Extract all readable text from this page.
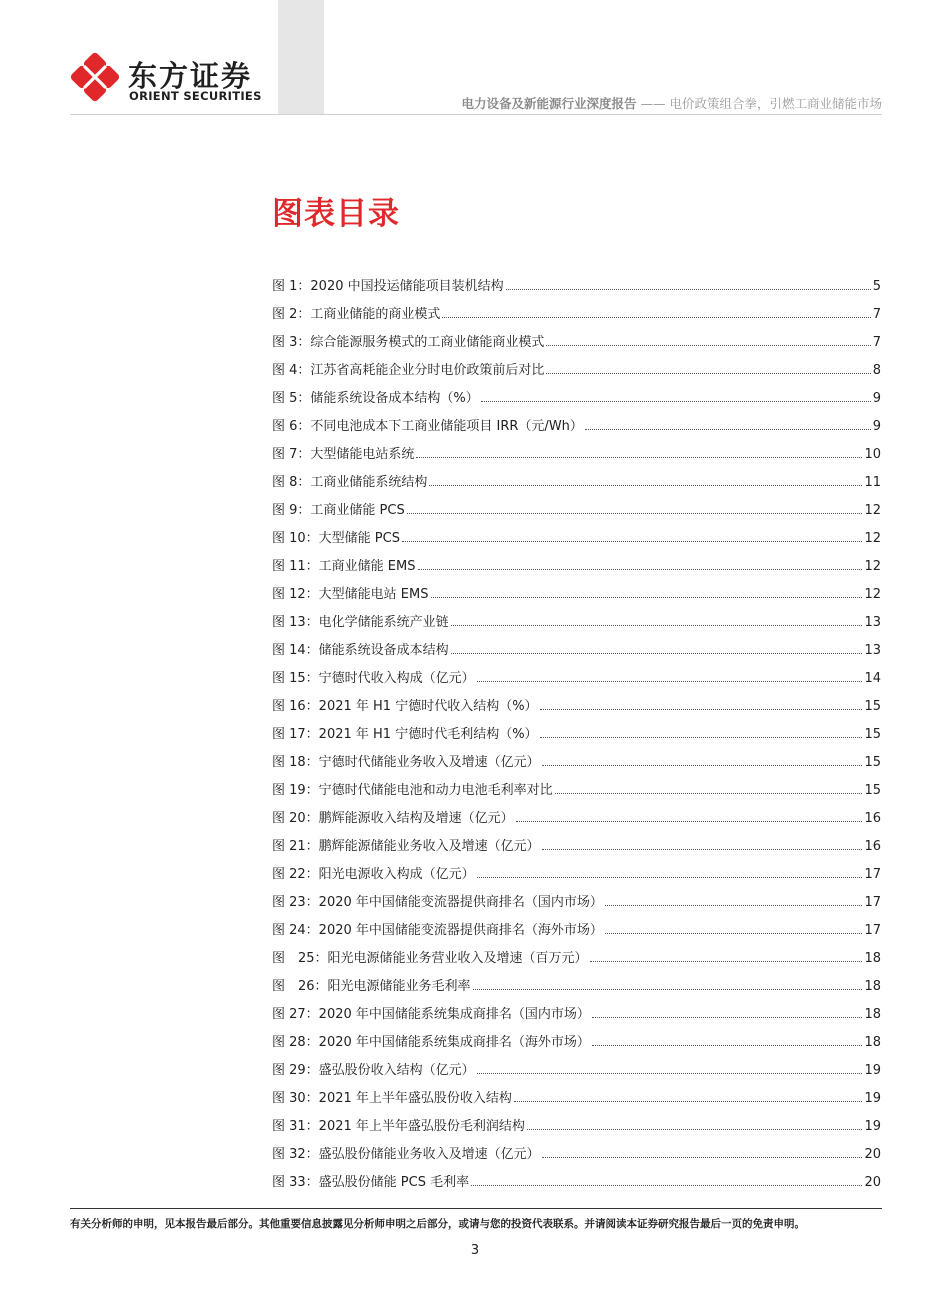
东方证券
ORIENT SECURITIES	电力设备及新能源行业深度报告 —— 电价政策组合拳，引燃工商业储能市场
图表目录
图 1：2020 中国投运储能项目装机结构	5
图 2：工商业储能的商业模式	7
图 3：综合能源服务模式的工商业储能商业模式	7
图 4：江苏省高耗能企业分时电价政策前后对比	8
图 5：储能系统设备成本结构（%）	9
图 6：不同电池成本下工商业储能项目 IRR（元/Wh）	9
图 7：大型储能电站系统	10
图 8：工商业储能系统结构	11
图 9：工商业储能 PCS	12
图 10：大型储能 PCS	12
图 11：工商业储能 EMS	12
图 12：大型储能电站 EMS	12
图 13：电化学储能系统产业链	13
图 14：储能系统设备成本结构	13
图 15：宁德时代收入构成（亿元）	14
图 16：2021 年 H1 宁德时代收入结构（%）	15
图 17：2021 年 H1 宁德时代毛利结构（%）	15
图 18：宁德时代储能业务收入及增速（亿元）	15
图 19：宁德时代储能电池和动力电池毛利率对比	15
图 20：鹏辉能源收入结构及增速（亿元）	16
图 21：鹏辉能源储能业务收入及增速（亿元）	16
图 22：阳光电源收入构成（亿元）	17
图 23：2020 年中国储能变流器提供商排名（国内市场）	17
图 24：2020 年中国储能变流器提供商排名（海外市场）	17
图　25：阳光电源储能业务营业收入及增速（百万元）	18
图　26：阳光电源储能业务毛利率	18
图 27：2020 年中国储能系统集成商排名（国内市场）	18
图 28：2020 年中国储能系统集成商排名（海外市场）	18
图 29：盛弘股份收入结构（亿元）	19
图 30：2021 年上半年盛弘股份收入结构	19
图 31：2021 年上半年盛弘股份毛利润结构	19
图 32：盛弘股份储能业务收入及增速（亿元）	20
图 33：盛弘股份储能 PCS 毛利率	20
有关分析师的申明，见本报告最后部分。其他重要信息披露见分析师申明之后部分，或请与您的投资代表联系。并请阅读本证券研究报告最后一页的免责申明。
3
